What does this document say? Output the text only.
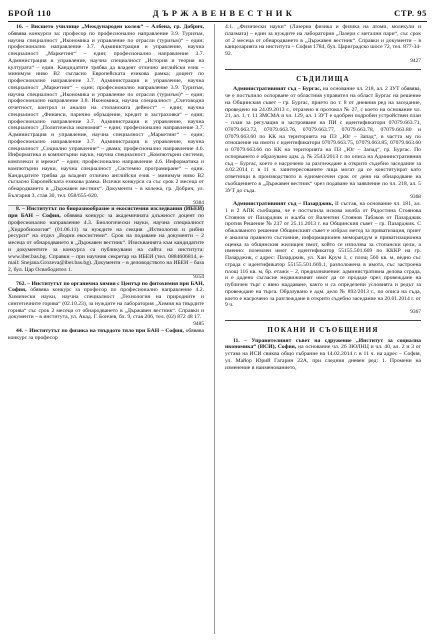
БРОЙ 110	Д Ъ Р Ж А В Е Н В Е С Т Н И К	СТР. 95

16. – Висшето училище „Международен колеж“ – Албена, гр. Добрич, обявява конкурси за: професор по професионално направление 3.9. Туризъм, научна специалност „Икономика и управление по отрасли (туризъм)“ – един; професионално направление 3.7. Администрация и управление, научна специалност „Маркетинг“ – един; професионално направление 3.7. Администрация и управление, научна специалност „История и теория на културата“ – един. Кандидатите трябва да владеят отлично английски език – минимум ниво В2 съгласно Европейската езикова рамка; доцент по професионално направление 3.7. Администрация и управление, научна специалност „Маркетинг“ – един; професионално направление 3.9. Туризъм, научна специалност „Икономика и управление по отрасли (туризъм)“ – един; професионално направление 3.8. Икономика, научна специалност „Счетоводна отчетност, контрол и анализ на стопанската дейност“ – един; научна специалност „Финанси, парично обръщение, кредит и застраховка“ – един; професионално направление 3.7. Администрация и управление, научна специалност „Политическа икономия“ – един; професионално направление 3.7. Администрация и управление, научна специалност „Маркетинг“ – един; професионално направление 3.7. Администрация и управление, научна специалност „Социално управление“ – двама; професионално направление 4.6. Информатика и компютърни науки, научна специалност „Компютърни системи, комплекси и мрежи“ – един; професионално направление 4.6. Информатика и компютърни науки, научна специалност „Системно програмиране“ – един. Кандидатите трябва да владеят отлично английски език – минимум ниво В2 съгласно Европейската езикова рамка. Всички конкурси са със срок 2 месеца от обнародването в „Държавен вестник“. Документи – в колежа, гр. Добрич, ул. България 3, стая 30, тел. 058/655-620.

9384

8. – Институтът по биоразнообразие и екосистемни изследвания (ИБЕИ) при БАН – София, обявява конкурс за академичната длъжност доцент по професионално направление 4.3. Биологически науки, научна специалност „Хидробиология“ (01.06.11) за нуждите на секция „Ихтиология и рибни ресурси“ на отдел „Водни екосистеми“. Срок на подаване на документи – 2 месеца от обнародването в „Държавен вестник“. Изискванията към кандидатите и документите за конкурса са публикувани на сайта на института: www.iber.bas.bg. Справки – при научния секретар на ИБЕИ (тел. 0884606814, e-mail: Snejana.Grozeva@iber.bas.bg). Документи – в деловодството на ИБЕИ – база 2, бул. Цар Освободител 1.

9354

762. – Институтът по органична химия с Център по фитохимия при БАН, София, обявява конкурс за професор по професионално направление 4.2. Химически науки, научна специалност „Технология на природните и синтетичните горива“ (02.10.23), за нуждите на лаборатория „Химия на твърдите горива“ със срок 2 месеца от обнародването в „Държавен вестник“. Справки и документи – в института, ул. Акад. Г. Бончев, бл. 9, стая 206, тел. (02) 872 48 17.

9485

44. – Институтът по физика на твърдото тяло при БАН – София, обявява конкурс за професор

4.1. „Физически науки“ (Лазерна физика и физика на атоми, молекули и плазмата) – един за нуждите на лаборатория „Лазери с метални пари“, със срок от 2 месеца от обнародването в „Държавен вестник“. Справки и документи – в канцеларията на института – София 1784, бул. Цариградско шосе 72, тел. 877-34-92.

9427

СЪДИЛИЩА

Административният съд – Бургас, на основание чл. 218, ал. 2 ЗУТ обявява, че е постъпило оспорване от областния управител на област Бургас на решение на Общинския съвет – гр. Бургас, прието по т. 8 от дневния ред на заседание, проведено на 24.09.2013 г., отразено в протокол № 27, с което на основание чл. 21, ал. 1, т. 11 ЗМСМА и чл. 129, ал. 1 ЗУТ е одобрен подробен устройствен план – план за регулация и застрояване на ПИ с идентификатори 07079.663.71, 07079.663.72, 07079.663.76, 07079.663.77, 07079.663.78, 07079.663.80 и 07079.663.60 по КК на територията на ПЗ „Юг – Запад“, в частта му по отношение на имоти с идентификатори 07079.663.75, 07079.663.85, 07079.663.60 и 07079.663.66 по КК на територията на ПЗ „Юг – Запад“, гр. Бургас. По оспорването е образувано адм. д. № 2543/2013 г. по описа на Административния съд – Бургас, което е насрочено за разглеждане в открито съдебно заседание за 4.02.2014 г. в 11 ч. заинтересованите лица могат да се конституират като ответници в производството в едномесечен срок от деня на обнародване на съобщението в „Държавен вестник“ чрез подаване на заявление по чл. 218, ал. 5 ЗУТ до съда.

9368

Административният съд – Пазарджик, II състав, на основание чл. 181, ал. 1 и 2 АПК съобщава, че е постъпила искова молба от Радостина Стоянова Стоянов от Пазарджик и жалба от Валентин Стоянов Табаков от Пазарджик против Решение № 237 от 25.11.2013 г. на Общинския съвет – гр. Пазарджик. С обжалваното решение Общинският съвет е избрал метод за приватизация, приет е анализа правното състояние, информационен меморандум и приватизационна оценка за общинския жилищен имот, който се използва за стопански цели, а именно: поземлен имот с идентификатор 55155.501.669 по КККР на гр. Пазарджик, с адрес: Пазарджик, ул. Хан Крум 1, с площ 560 кв. м, ведно със сграда с идентификатор 55155.501.669.1, разположена в имота, със застроена площ 116 кв. м, бр. етажи – 2, предназначение: административна делова сграда, и е дадено съгласие недвижимият имот да се продаде чрез провеждане на публичен търг с явно наддаване, както и са определени условията и редът за провеждане на търга. Образувано е адм. дело № 892/2013 г., по описа на съда, което е насрочено за разглеждане в открито съдебно заседание на 20.01.2014 г. от 9 ч.

9367

ПОКАНИ И СЪОБЩЕНИЯ

11. – Управителният съвет на сдружение „Институт за социална икономика“ (ИСИ), София, на основание чл. 26 ЗЮЛНЦ и чл. 40, ал. 2 и 3 от устава на ИСИ свиква общо събрание на 14.02.2014 г. в 11 ч. на адрес – София, ул. Майор Юрий Гагарин 22А, при следния дневен ред: 1. Промени на изменение в наименованието,
